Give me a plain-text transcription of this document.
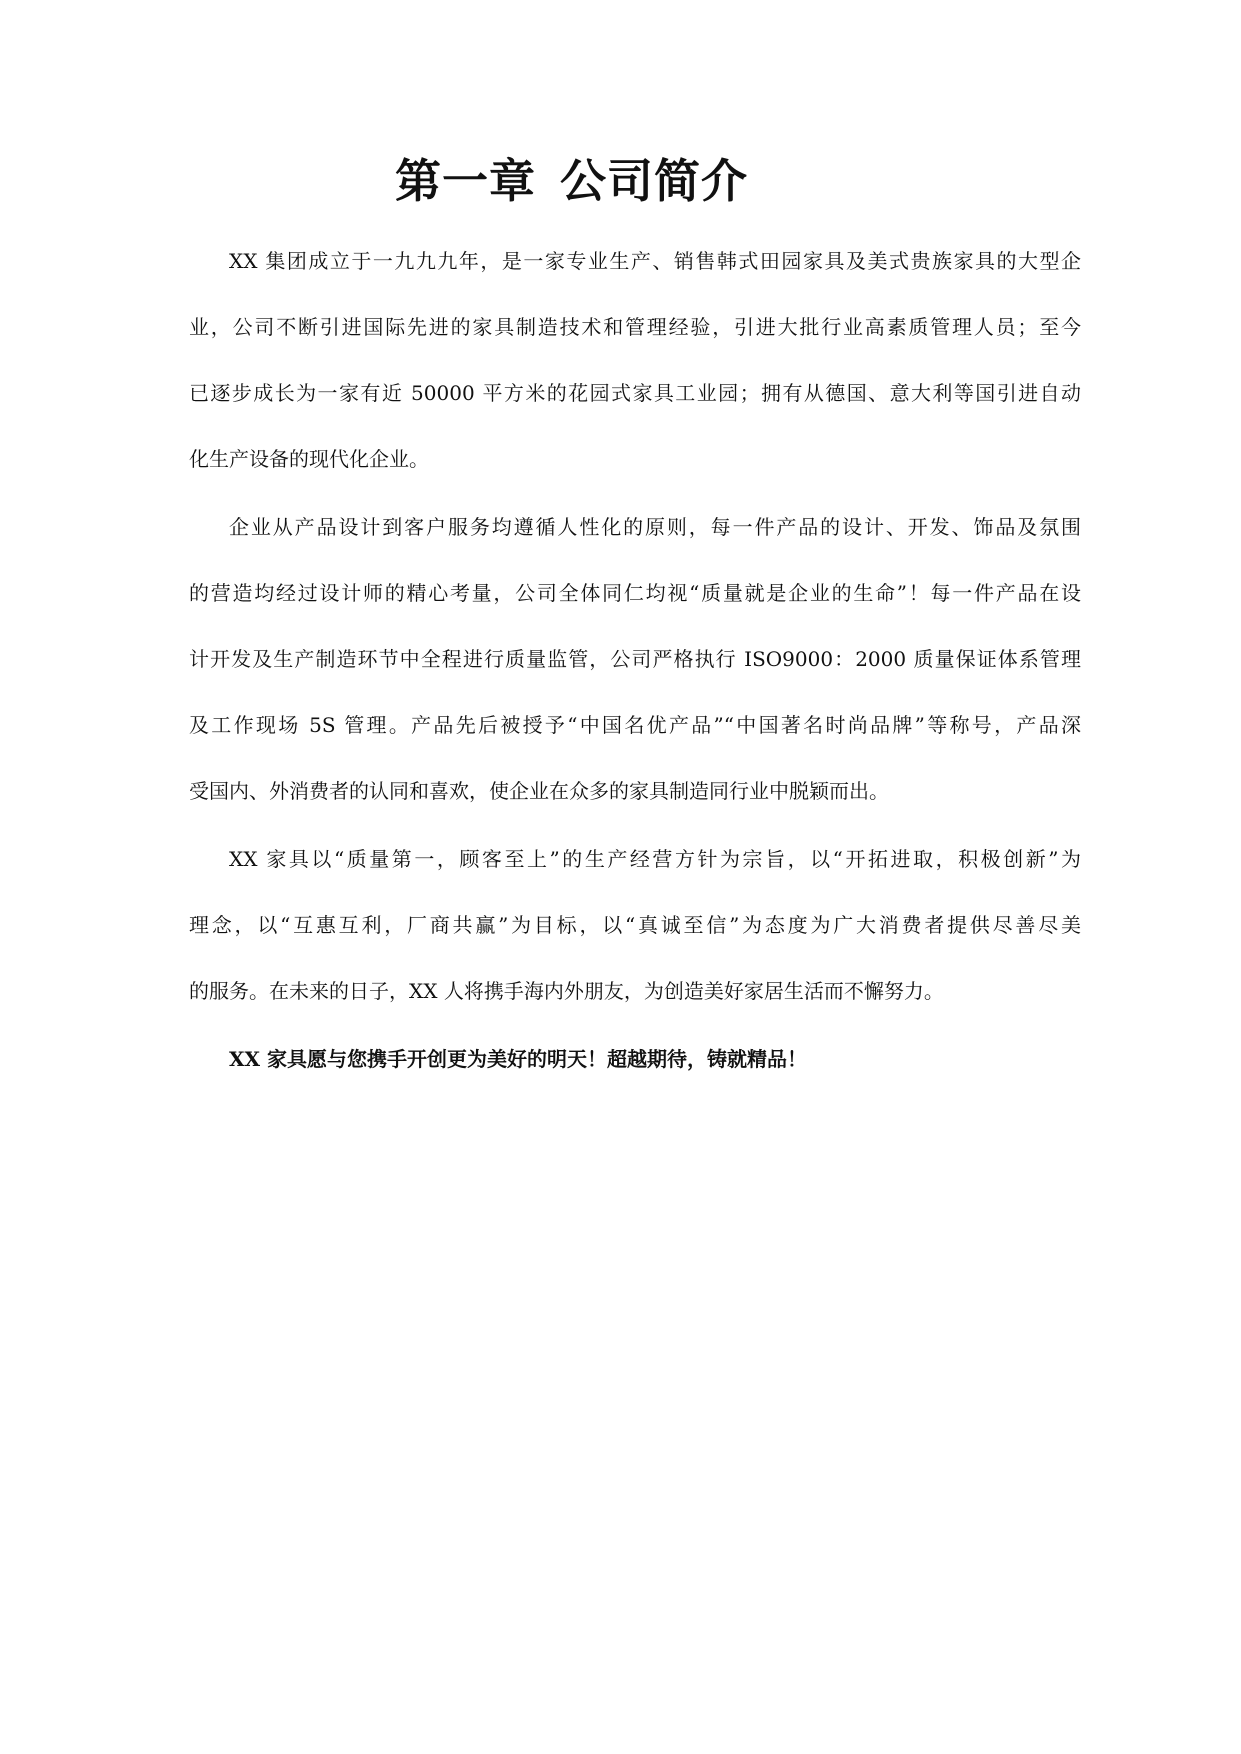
第一章 公司简介

XX 集团成立于一九九九年，是一家专业生产、销售韩式田园家具及美式贵族家具的大型企
业，公司不断引进国际先进的家具制造技术和管理经验，引进大批行业高素质管理人员；至今
已逐步成长为一家有近 50000 平方米的花园式家具工业园；拥有从德国、意大利等国引进自动
化生产设备的现代化企业。

企业从产品设计到客户服务均遵循人性化的原则，每一件产品的设计、开发、饰品及氛围
的营造均经过设计师的精心考量，公司全体同仁均视“质量就是企业的生命”！每一件产品在设
计开发及生产制造环节中全程进行质量监管，公司严格执行 ISO9000：2000 质量保证体系管理
及工作现场 5S 管理。产品先后被授予“中国名优产品”“中国著名时尚品牌”等称号，产品深
受国内、外消费者的认同和喜欢，使企业在众多的家具制造同行业中脱颖而出。

XX 家具以“质量第一，顾客至上”的生产经营方针为宗旨，以“开拓进取，积极创新”为
理念，以“互惠互利，厂商共赢”为目标，以“真诚至信”为态度为广大消费者提供尽善尽美
的服务。在未来的日子，XX 人将携手海内外朋友，为创造美好家居生活而不懈努力。

XX 家具愿与您携手开创更为美好的明天！超越期待，铸就精品！
